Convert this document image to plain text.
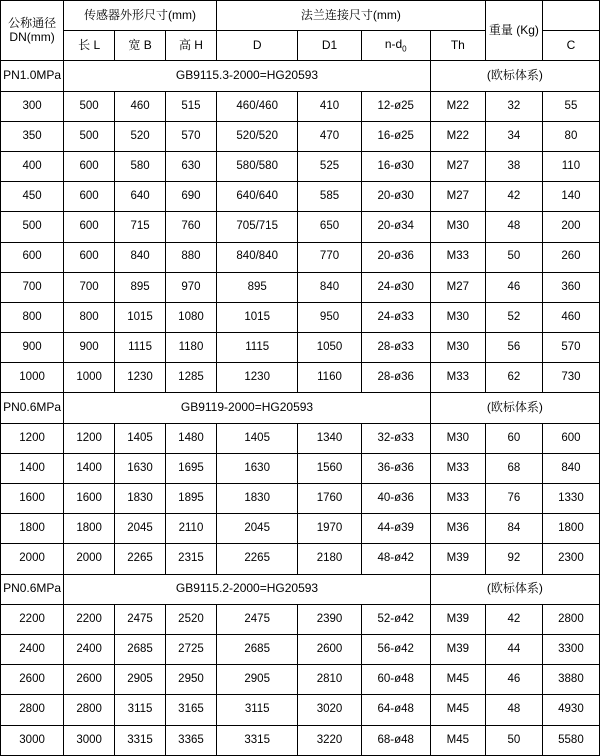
公称通径
DN(mm)	传感器外形尺寸(mm)			法兰连接尺寸(mm)				重量 (Kg)	
	长 L	宽 B	高 H	D	D1	$n-d_0$	Th		C
PN1.0MPa	GB9115.3-2000=HG20593						(欧标体系)		
300	500	460	515	460/460	410	12-ø25	M22	32	55
350	500	520	570	520/520	470	16-ø25	M22	34	80
400	600	580	630	580/580	525	16-ø30	M27	38	110
450	600	640	690	640/640	585	20-ø30	M27	42	140
500	600	715	760	705/715	650	20-ø34	M30	48	200
600	600	840	880	840/840	770	20-ø36	M33	50	260
700	700	895	970	895	840	24-ø30	M27	46	360
800	800	1015	1080	1015	950	24-ø33	M30	52	460
900	900	1115	1180	1115	1050	28-ø33	M30	56	570
1000	1000	1230	1285	1230	1160	28-ø36	M33	62	730
PN0.6MPa	GB9119-2000=HG20593						(欧标体系)		
1200	1200	1405	1480	1405	1340	32-ø33	M30	60	600
1400	1400	1630	1695	1630	1560	36-ø36	M33	68	840
1600	1600	1830	1895	1830	1760	40-ø36	M33	76	1330
1800	1800	2045	2110	2045	1970	44-ø39	M36	84	1800
2000	2000	2265	2315	2265	2180	48-ø42	M39	92	2300
PN0.6MPa	GB9115.2-2000=HG20593						(欧标体系)		
2200	2200	2475	2520	2475	2390	52-ø42	M39	42	2800
2400	2400	2685	2725	2685	2600	56-ø42	M39	44	3300
2600	2600	2905	2950	2905	2810	60-ø48	M45	46	3880
2800	2800	3115	3165	3115	3020	64-ø48	M45	48	4930
3000	3000	3315	3365	3315	3220	68-ø48	M45	50	5580
